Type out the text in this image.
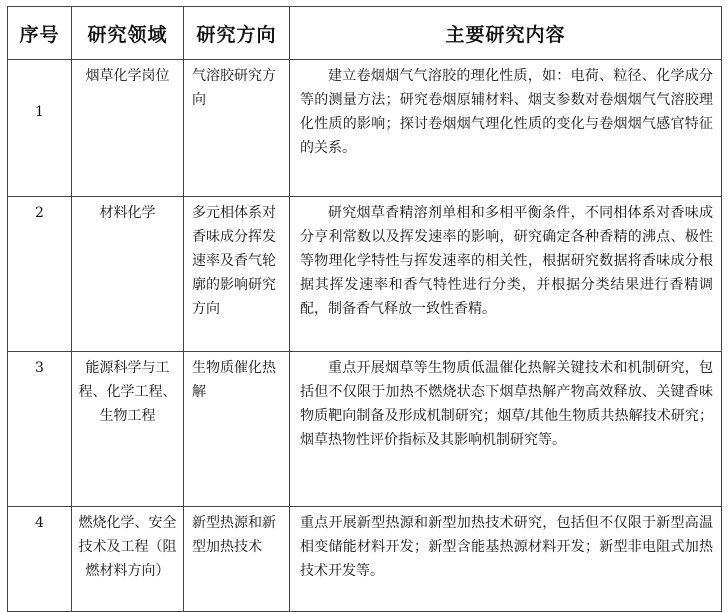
序号	研究领域	研究方向	主要研究内容
1	烟草化学岗位	气溶胶研究方向	建立卷烟烟气气溶胶的理化性质，如：电荷、粒径、化学成分等的测量方法；研究卷烟原辅材料、烟支参数对卷烟烟气气溶胶理化性质的影响；探讨卷烟烟气理化性质的变化与卷烟烟气感官特征的关系。

2	材料化学	多元相体系对香味成分挥发速率及香气轮廓的影响研究方向	研究烟草香精溶剂单相和多相平衡条件，不同相体系对香味成分亨利常数以及挥发速率的影响，研究确定各种香精的沸点、极性等物理化学特性与挥发速率的相关性，根据研究数据将香味成分根据其挥发速率和香气特性进行分类，并根据分类结果进行香精调配，制备香气释放一致性香精。

3	能源科学与工程、化学工程、生物工程	生物质催化热解	重点开展烟草等生物质低温催化热解关键技术和机制研究，包括但不仅限于加热不燃烧状态下烟草热解产物高效释放、关键香味物质靶向制备及形成机制研究；烟草/其他生物质共热解技术研究；烟草热物性评价指标及其影响机制研究等。

4	燃烧化学、安全技术及工程（阻燃材料方向）	新型热源和新型加热技术	重点开展新型热源和新型加热技术研究，包括但不仅限于新型高温相变储能材料开发；新型含能基热源材料开发；新型非电阻式加热技术开发等。
